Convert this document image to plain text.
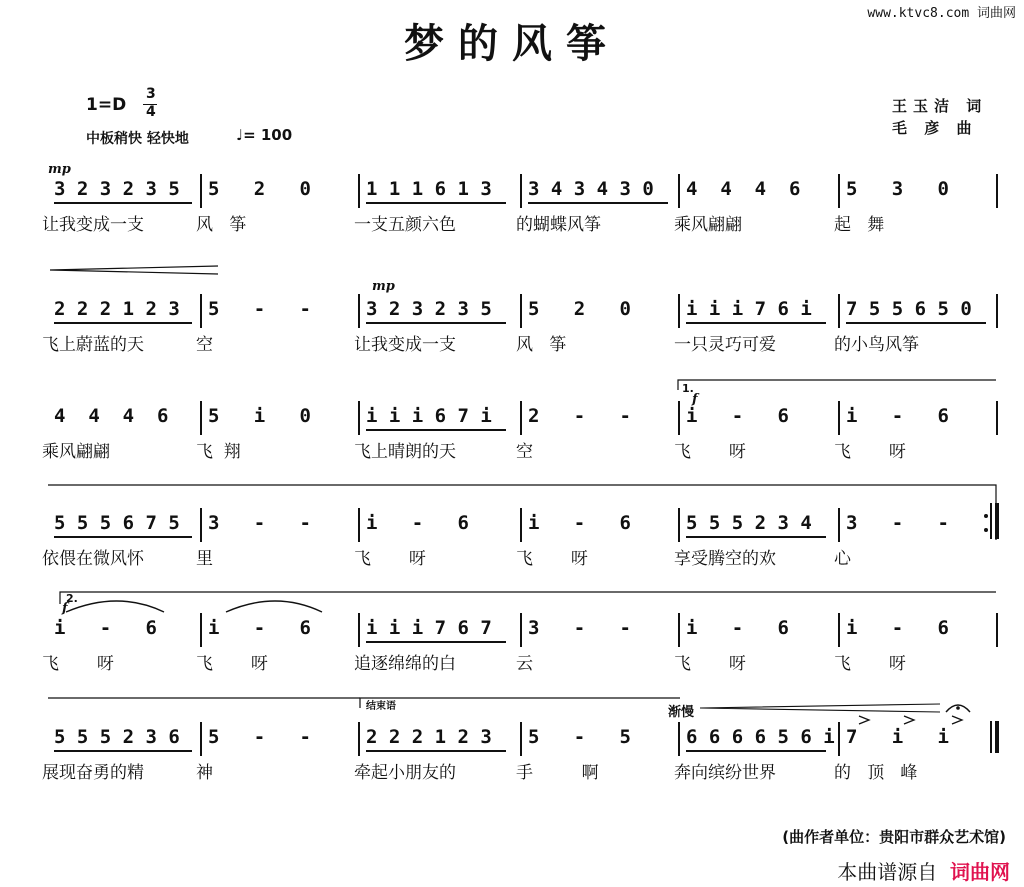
www.ktvc8.com 词曲网
梦的风筝
1=D
3
4
中板稍快 轻快地	♩= 100
王玉洁 词
毛 彦 曲
3 2 3 2 3 5
让我变成一支
5   2   0
风   筝
1 1 1 6 1 3
一支五颜六色
3 4 3 4 3 0
的蝴蝶风筝
4  4  4  6
乘风翩翩
5   3   0
起   舞
2 2 2 1 2 3
飞上蔚蓝的天
5   -   -
空
3 2 3 2 3 5
让我变成一支
5   2   0
风   筝
i i i 7 6 i
一只灵巧可爱
7 5 5 6 5 0
的小鸟风筝
4  4  4  6
乘风翩翩
5   i   0
飞  翔
i i i 6 7 i
飞上晴朗的天
2   -   -
空
i   -   6
飞       呀
i   -   6
飞       呀
5 5 5 6 7 5
依偎在微风怀
3   -   -
里
i   -   6
飞       呀
i   -   6
飞       呀
5 5 5 2 3 4
享受腾空的欢
3   -   -
心
i   -   6
飞       呀
i   -   6
飞       呀
i i i 7 6 7
追逐绵绵的白
3   -   -
云
i   -   6
飞       呀
i   -   6
飞       呀
5 5 5 2 3 6
展现奋勇的精
5   -   -
神
2 2 2 1 2 3
牵起小朋友的
5   -   5
手         啊
6 6 6 6 5 6 i
奔向缤纷世界
7   i   i
的   顶   峰
mp
mp
f
f
1.
2.
结束语	渐慢
(曲作者单位：贵阳市群众艺术馆)
本曲谱源自 词曲网
